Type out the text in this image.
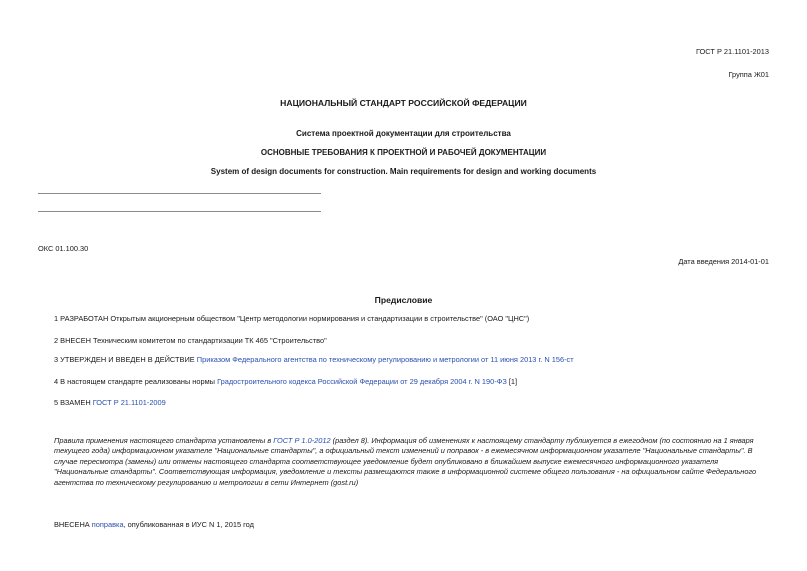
ГОСТ Р 21.1101-2013
Группа Ж01
НАЦИОНАЛЬНЫЙ СТАНДАРТ РОССИЙСКОЙ ФЕДЕРАЦИИ
Система проектной документации для строительства
ОСНОВНЫЕ ТРЕБОВАНИЯ К ПРОЕКТНОЙ И РАБОЧЕЙ ДОКУМЕНТАЦИИ
System of design documents for construction. Main requirements for design and working documents
ОКС 01.100.30
Дата введения 2014-01-01
Предисловие
1 РАЗРАБОТАН Открытым акционерным обществом "Центр методологии нормирования и стандартизации в строительстве" (ОАО "ЦНС")
2 ВНЕСЕН Техническим комитетом по стандартизации ТК 465 "Строительство"
3 УТВЕРЖДЕН И ВВЕДЕН В ДЕЙСТВИЕ Приказом Федерального агентства по техническому регулированию и метрологии от 11 июня 2013 г. N 156-ст
4 В настоящем стандарте реализованы нормы Градостроительного кодекса Российской Федерации от 29 декабря 2004 г. N 190-ФЗ [1]
5 ВЗАМЕН ГОСТ Р 21.1101-2009
Правила применения настоящего стандарта установлены в ГОСТ Р 1.0-2012 (раздел 8). Информация об изменениях к настоящему стандарту публикуется в ежегодном (по состоянию на 1 января текущего года) информационном указателе "Национальные стандарты", а официальный текст изменений и поправок - в ежемесячном информационном указателе "Национальные стандарты". В случае пересмотра (замены) или отмены настоящего стандарта соответствующее уведомление будет опубликовано в ближайшем выпуске ежемесячного информационного указателя "Национальные стандарты". Соответствующая информация, уведомление и тексты размещаются также в информационной системе общего пользования - на официальном сайте Федерального агентства по техническому регулированию и метрологии в сети Интернет (gost.ru)
ВНЕСЕНА поправка, опубликованная в ИУС N 1, 2015 год
